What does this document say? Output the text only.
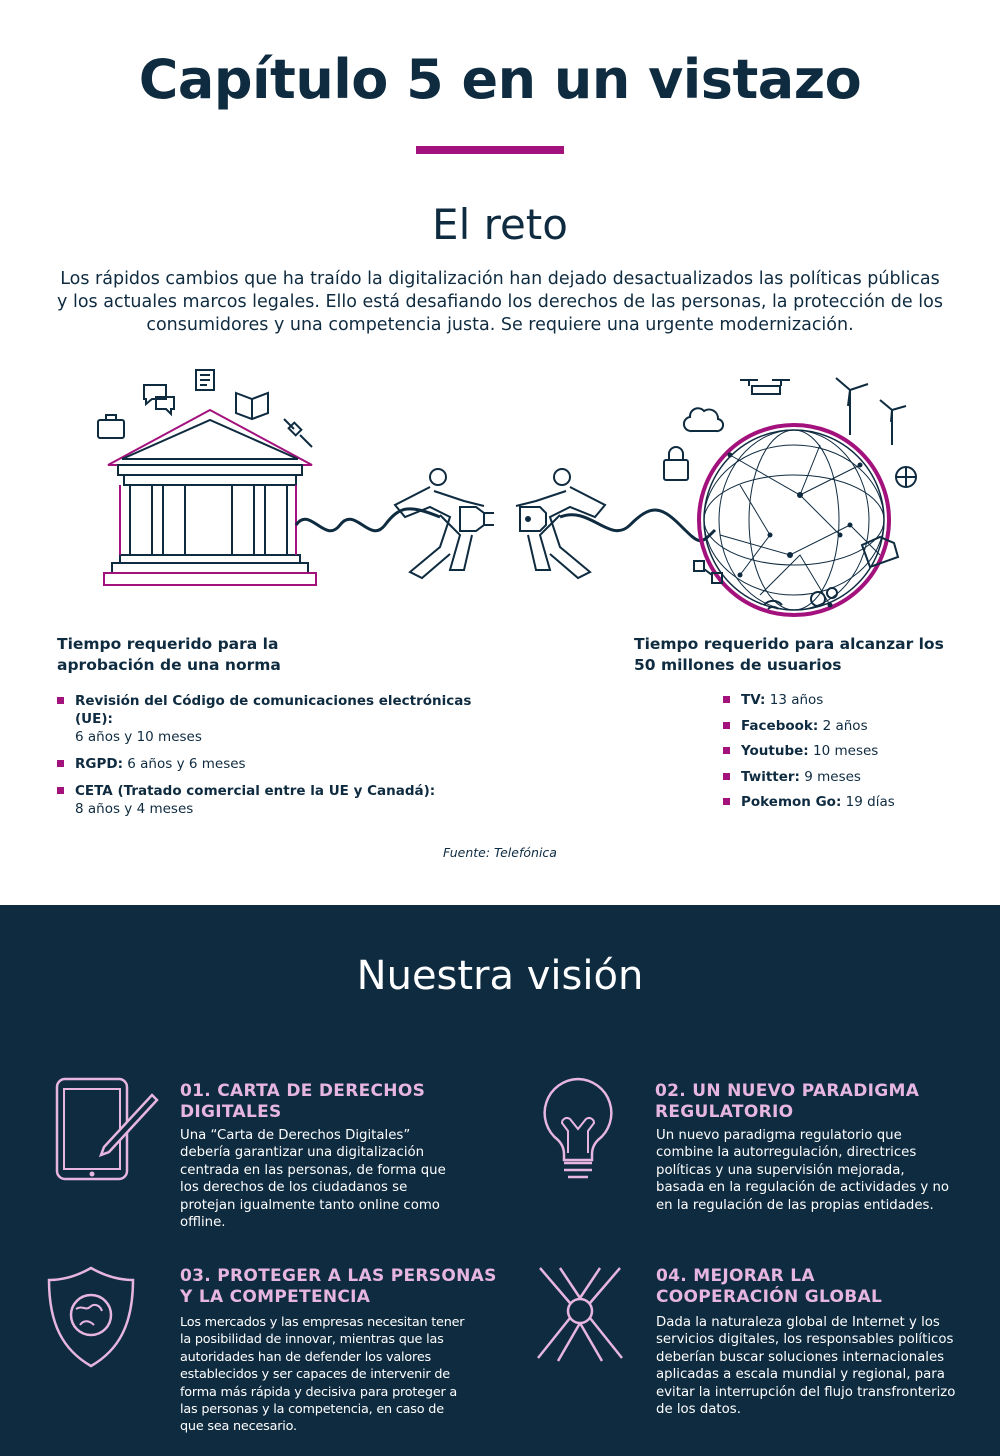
Capítulo 5 en un vistazo
El reto
Los rápidos cambios que ha traído la digitalización han dejado desactualizados las políticas públicas y los actuales marcos legales. Ello está desafiando los derechos de las personas, la protección de los consumidores y una competencia justa. Se requiere una urgente modernización.
Tiempo requerido para la aprobación de una norma
Revisión del Código de comunicaciones electrónicas (UE):
6 años y 10 meses
RGPD: 6 años y 6 meses
CETA (Tratado comercial entre la UE y Canadá):
8 años y 4 meses
Tiempo requerido para alcanzar los 50 millones de usuarios
TV: 13 años
Facebook: 2 años
Youtube: 10 meses
Twitter: 9 meses
Pokemon Go: 19 días
Fuente: Telefónica
Nuestra visión
01. CARTA DE DERECHOS
DIGITALES
Una “Carta de Derechos Digitales” debería garantizar una digitalización centrada en las personas, de forma que los derechos de los ciudadanos se protejan igualmente tanto online como offline.
02. UN NUEVO PARADIGMA
REGULATORIO
Un nuevo paradigma regulatorio que combine la autorregulación, directrices políticas y una supervisión mejorada, basada en la regulación de actividades y no en la regulación de las propias entidades.
03. PROTEGER A LAS PERSONAS
Y LA COMPETENCIA
Los mercados y las empresas necesitan tener la posibilidad de innovar, mientras que las autoridades han de defender los valores establecidos y ser capaces de intervenir de forma más rápida y decisiva para proteger a las personas y la competencia, en caso de que sea necesario.
04. MEJORAR LA
COOPERACIÓN GLOBAL
Dada la naturaleza global de Internet y los servicios digitales, los responsables políticos deberían buscar soluciones internacionales aplicadas a escala mundial y regional, para evitar la interrupción del flujo transfronterizo de los datos.
